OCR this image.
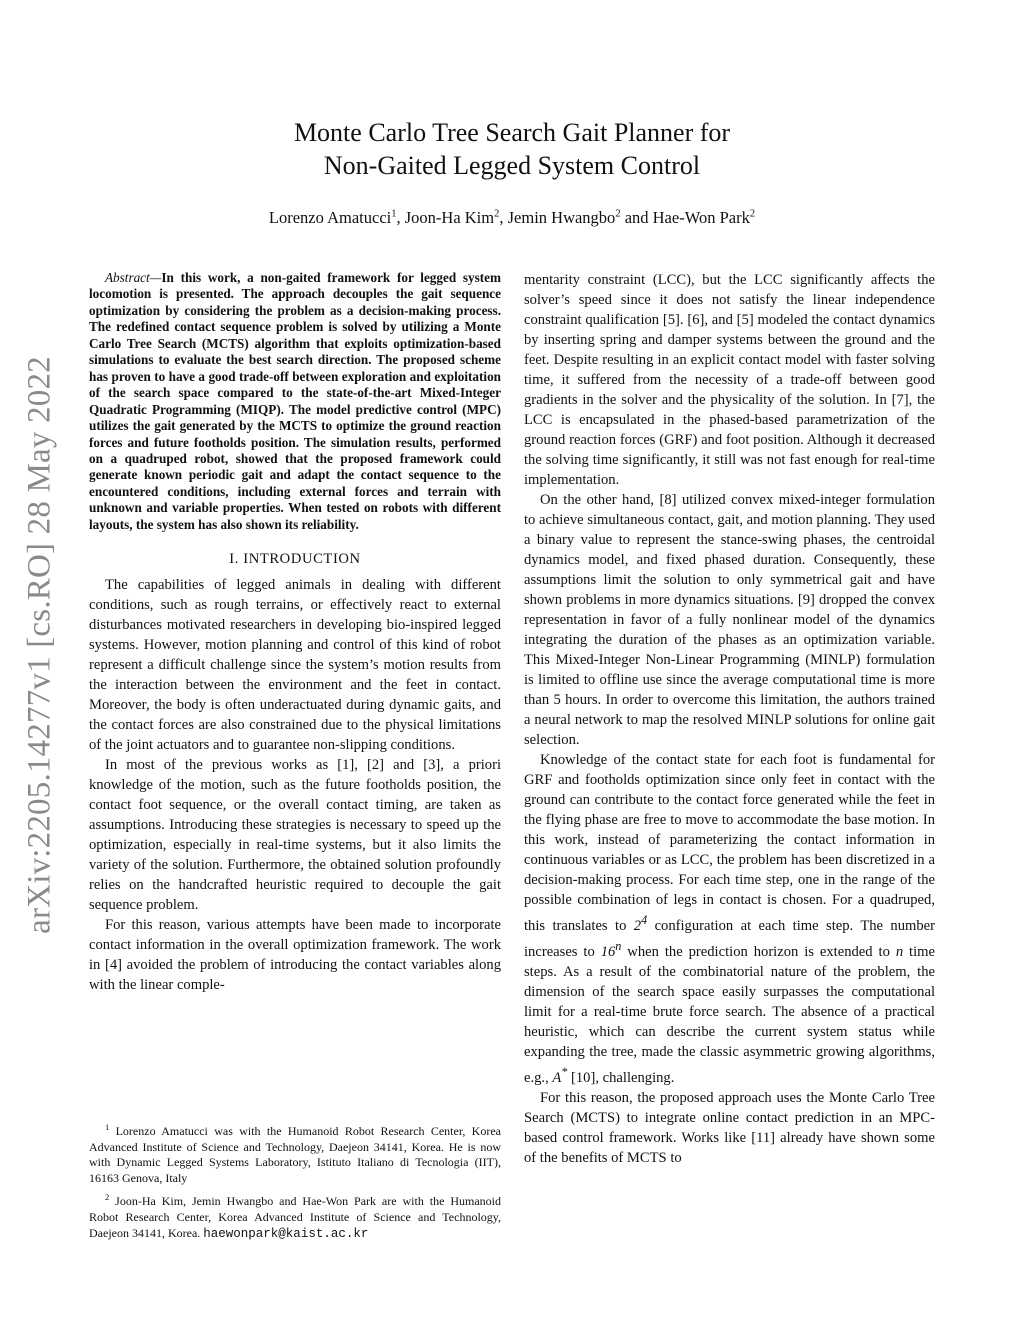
arXiv:2205.14277v1 [cs.RO] 28 May 2022
Monte Carlo Tree Search Gait Planner for
Non-Gaited Legged System Control
Lorenzo Amatucci$^1$, Joon-Ha Kim$^2$, Jemin Hwangbo$^2$ and Hae-Won Park$^2$

Abstract—In this work, a non-gaited framework for legged system locomotion is presented. The approach decouples the gait sequence optimization by considering the problem as a decision-making process. The redefined contact sequence problem is solved by utilizing a Monte Carlo Tree Search (MCTS) algorithm that exploits optimization-based simulations to evaluate the best search direction. The proposed scheme has proven to have a good trade-off between exploration and exploitation of the search space compared to the state-of-the-art Mixed-Integer Quadratic Programming (MIQP). The model predictive control (MPC) utilizes the gait generated by the MCTS to optimize the ground reaction forces and future footholds position. The simulation results, performed on a quadruped robot, showed that the proposed framework could generate known periodic gait and adapt the contact sequence to the encountered conditions, including external forces and terrain with unknown and variable properties. When tested on robots with different layouts, the system has also shown its reliability.

I. INTRODUCTION

The capabilities of legged animals in dealing with different conditions, such as rough terrains, or effectively react to external disturbances motivated researchers in developing bio-inspired legged systems. However, motion planning and control of this kind of robot represent a difficult challenge since the system’s motion results from the interaction between the environment and the feet in contact. Moreover, the body is often underactuated during dynamic gaits, and the contact forces are also constrained due to the physical limitations of the joint actuators and to guarantee non-slipping conditions.

In most of the previous works as [1], [2] and [3], a priori knowledge of the motion, such as the future footholds position, the contact foot sequence, or the overall contact timing, are taken as assumptions. Introducing these strategies is necessary to speed up the optimization, especially in real-time systems, but it also limits the variety of the solution. Furthermore, the obtained solution profoundly relies on the handcrafted heuristic required to decouple the gait sequence problem.

For this reason, various attempts have been made to incorporate contact information in the overall optimization framework. The work in [4] avoided the problem of introducing the contact variables along with the linear comple-

$^1$ Lorenzo Amatucci was with the Humanoid Robot Research Center, Korea Advanced Institute of Science and Technology, Daejeon 34141, Korea. He is now with Dynamic Legged Systems Laboratory, Istituto Italiano di Tecnologia (IIT), 16163 Genova, Italy

$^2$ Joon-Ha Kim, Jemin Hwangbo and Hae-Won Park are with the Humanoid Robot Research Center, Korea Advanced Institute of Science and Technology, Daejeon 34141, Korea. haewonpark@kaist.ac.kr

mentarity constraint (LCC), but the LCC significantly affects the solver’s speed since it does not satisfy the linear independence constraint qualification [5]. [6], and [5] modeled the contact dynamics by inserting spring and damper systems between the ground and the feet. Despite resulting in an explicit contact model with faster solving time, it suffered from the necessity of a trade-off between good gradients in the solver and the physicality of the solution. In [7], the LCC is encapsulated in the phased-based parametrization of the ground reaction forces (GRF) and foot position. Although it decreased the solving time significantly, it still was not fast enough for real-time implementation.

On the other hand, [8] utilized convex mixed-integer formulation to achieve simultaneous contact, gait, and motion planning. They used a binary value to represent the stance-swing phases, the centroidal dynamics model, and fixed phased duration. Consequently, these assumptions limit the solution to only symmetrical gait and have shown problems in more dynamics situations. [9] dropped the convex representation in favor of a fully nonlinear model of the dynamics integrating the duration of the phases as an optimization variable. This Mixed-Integer Non-Linear Programming (MINLP) formulation is limited to offline use since the average computational time is more than 5 hours. In order to overcome this limitation, the authors trained a neural network to map the resolved MINLP solutions for online gait selection.

Knowledge of the contact state for each foot is fundamental for GRF and footholds optimization since only feet in contact with the ground can contribute to the contact force generated while the feet in the flying phase are free to move to accommodate the base motion. In this work, instead of parameterizing the contact information in continuous variables or as LCC, the problem has been discretized in a decision-making process. For each time step, one in the range of the possible combination of legs in contact is chosen. For a quadruped, this translates to $2^4$ configuration at each time step. The number increases to 16$^n$ when the prediction horizon is extended to n time steps. As a result of the combinatorial nature of the problem, the dimension of the search space easily surpasses the computational limit for a real-time brute force search. The absence of a practical heuristic, which can describe the current system status while expanding the tree, made the classic asymmetric growing algorithms, e.g., A* [10], challenging.

For this reason, the proposed approach uses the Monte Carlo Tree Search (MCTS) to integrate online contact prediction in an MPC-based control framework. Works like [11] already have shown some of the benefits of MCTS to
